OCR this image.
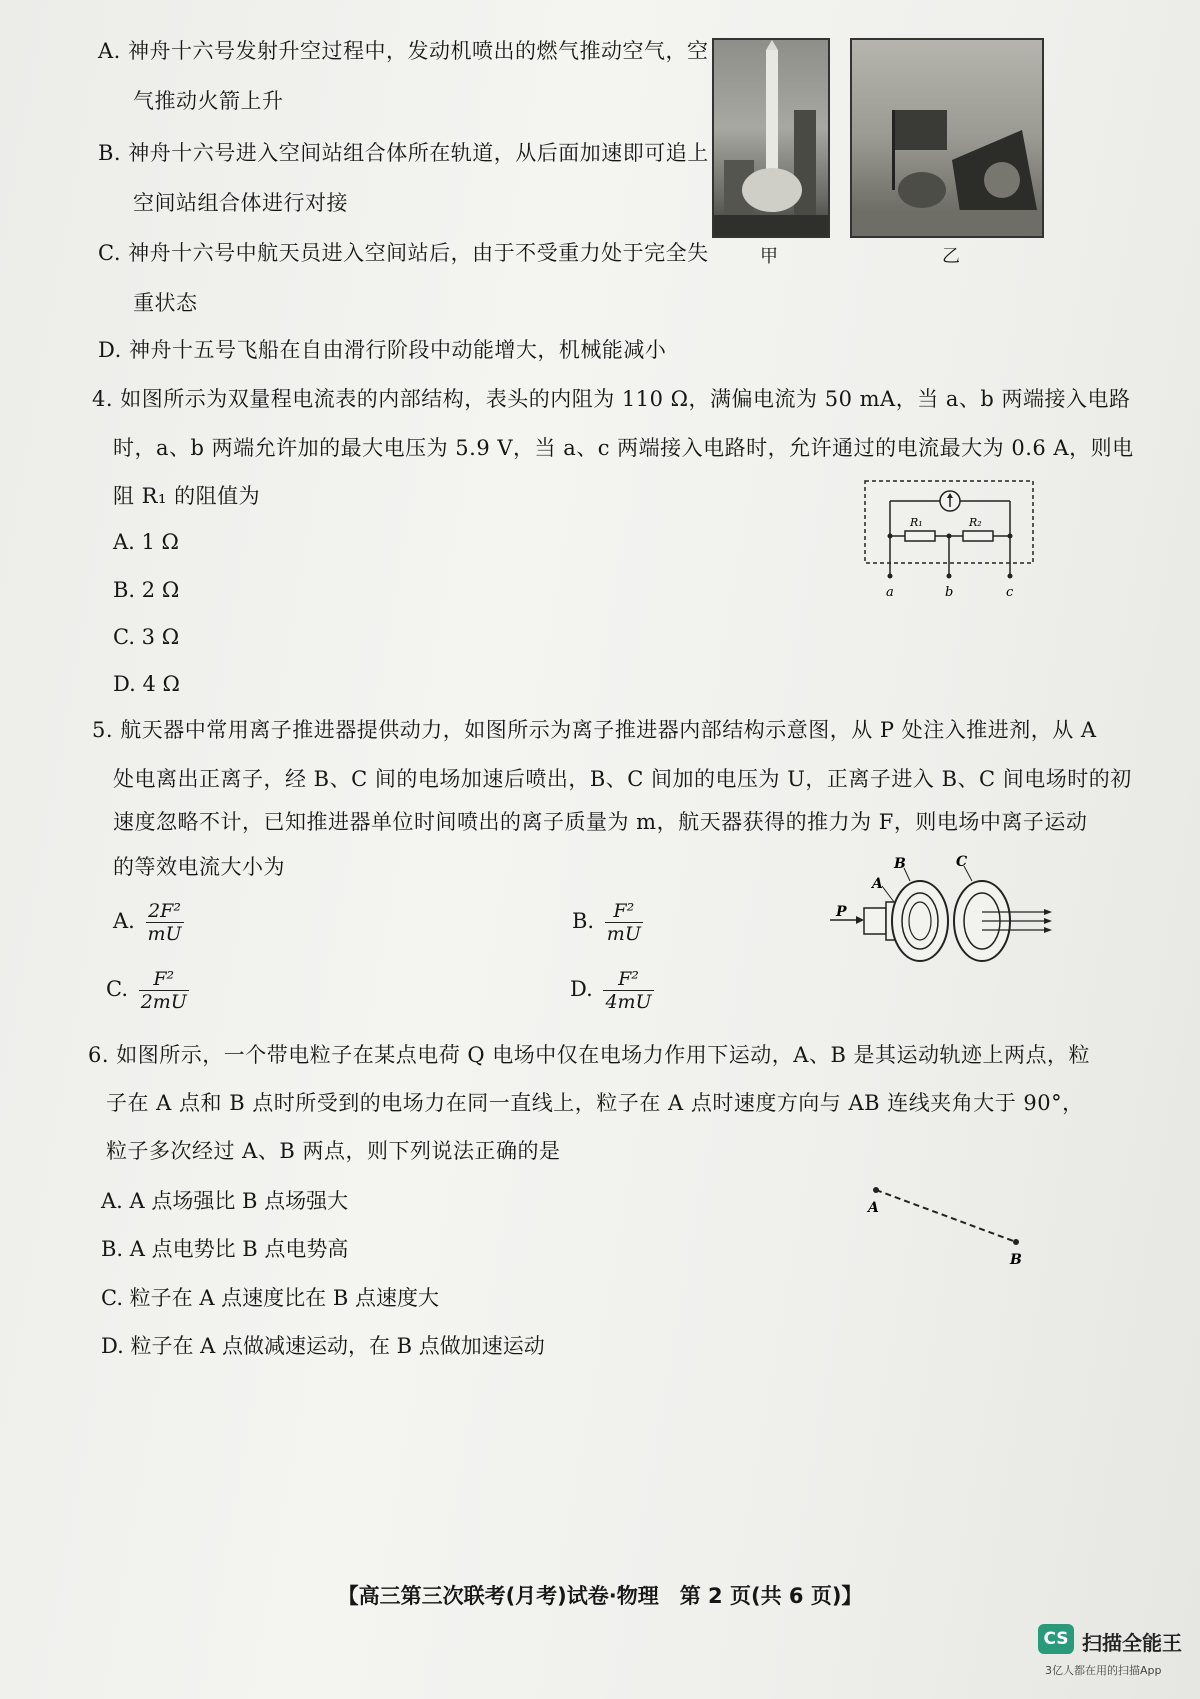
A. 神舟十六号发射升空过程中，发动机喷出的燃气推动空气，空
气推动火箭上升
B. 神舟十六号进入空间站组合体所在轨道，从后面加速即可追上
空间站组合体进行对接
C. 神舟十六号中航天员进入空间站后，由于不受重力处于完全失
重状态
D. 神舟十五号飞船在自由滑行阶段中动能增大，机械能减小
甲	乙
4. 如图所示为双量程电流表的内部结构，表头的内阻为 110 Ω，满偏电流为 50 mA，当 a、b 两端接入电路
时，a、b 两端允许加的最大电压为 5.9 V，当 a、c 两端接入电路时，允许通过的电流最大为 0.6 A，则电
阻 R₁ 的阻值为
A. 1 Ω
B. 2 Ω
C. 3 Ω
D. 4 Ω
R₁	R₂
a	b	c
5. 航天器中常用离子推进器提供动力，如图所示为离子推进器内部结构示意图，从 P 处注入推进剂，从 A
处电离出正离子，经 B、C 间的电场加速后喷出，B、C 间加的电压为 U，正离子进入 B、C 间电场时的初
速度忽略不计，已知推进器单位时间喷出的离子质量为 m，航天器获得的推力为 F，则电场中离子运动
的等效电流大小为
A. $\frac{\text{2F²}}{mU}$	B. $\frac{\text{F²}}{mU}$
C. $\frac{\text{F²}}{2mU}$	D. $\frac{\text{F²}}{4mU}$
P
A
B	C
6. 如图所示，一个带电粒子在某点电荷 Q 电场中仅在电场力作用下运动，A、B 是其运动轨迹上两点，粒
子在 A 点和 B 点时所受到的电场力在同一直线上，粒子在 A 点时速度方向与 AB 连线夹角大于 90°，
粒子多次经过 A、B 两点，则下列说法正确的是
A. A 点场强比 B 点场强大
B. A 点电势比 B 点电势高
C. 粒子在 A 点速度比在 B 点速度大
D. 粒子在 A 点做减速运动，在 B 点做加速运动
A
B
【高三第三次联考(月考)试卷·物理　第 2 页(共 6 页)】
CS 扫描全能王
3亿人都在用的扫描App
